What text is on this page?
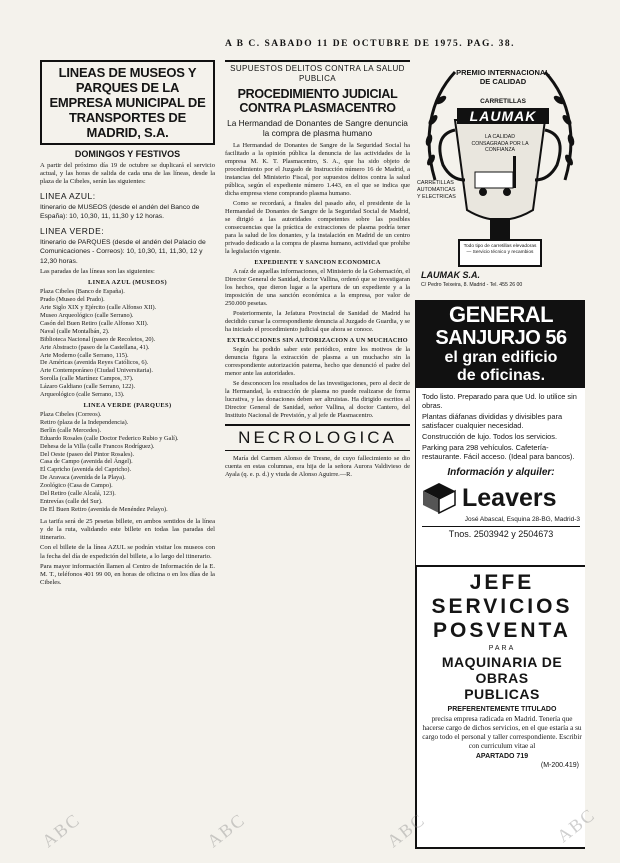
A B C. SABADO 11 DE OCTUBRE DE 1975. PAG. 38.
LINEAS DE MUSEOS Y PARQUES DE LA EMPRESA MUNICIPAL DE TRANSPORTES DE MADRID, S.A.
DOMINGOS Y FESTIVOS

A partir del próximo día 19 de octubre se duplicará el servicio actual, y las horas de salida de cada una de las líneas, desde la plaza de la Cibeles, serán las siguientes:

LINEA AZUL:

Itinerario de MUSEOS (desde el andén del Banco de España): 10, 10,30, 11, 11,30 y 12 horas.

LINEA VERDE:

Itinerario de PARQUES (desde el andén del Palacio de Comunicaciones - Correos): 10, 10,30, 11, 11,30, 12 y 12,30 horas.

Las paradas de las líneas son las siguientes:

LINEA AZUL (MUSEOS)

Plaza Cibeles (Banco de España).

Prado (Museo del Prado).

Arte Siglo XIX y Ejército (calle Alfonso XII).

Museo Arqueológico (calle Serrano).

Casón del Buen Retiro (calle Alfonso XII).

Naval (calle Montalbán, 2).

Biblioteca Nacional (paseo de Recoletos, 20).

Arte Abstracto (paseo de la Castellana, 41).

Arte Moderno (calle Serrano, 115).

De Américas (avenida Reyes Católicos, 6).

Arte Contemporáneo (Ciudad Universitaria).

Sorolla (calle Martínez Campos, 37).

Lázaro Galdiano (calle Serrano, 122).

Arqueológico (calle Serrano, 13).

LINEA VERDE (PARQUES)

Plaza Cibeles (Correos).

Retiro (plaza de la Independencia).

Berlín (calle Mercedes).

Eduardo Rosales (calle Doctor Federico Rubio y Galí).

Dehesa de la Villa (calle Francos Rodríguez).

Del Oeste (paseo del Pintor Rosales).

Casa de Campo (avenida del Ángel).

El Capricho (avenida del Capricho).

De Aravaca (avenida de la Playa).

Zoológico (Casa de Campo).

Del Retiro (calle Alcalá, 123).

Entrevías (calle del Sur).

De El Buen Retiro (avenida de Menéndez Pelayo).

La tarifa será de 25 pesetas billete, en ambos sentidos de la línea y de la ruta, validando este billete en todas las paradas del itinerario.

Con el billete de la línea AZUL se podrán visitar los museos con la fecha del día de expedición del billete, a lo largo del itinerario.

Para mayor información llamen al Centro de Información de la E. M. T., teléfonos 401 99 00, en horas de oficina o en los días de la Cibeles.

SUPUESTOS DELITOS CONTRA LA SALUD PUBLICA

PROCEDIMIENTO JUDICIAL CONTRA PLASMACENTRO
La Hermandad de Donantes de Sangre denuncia la compra de plasma humano

La Hermandad de Donantes de Sangre de la Seguridad Social ha facilitado a la opinión pública la denuncia de las actividades de la empresa M. K. T. Plasmacentro, S. A., que ha sido objeto de procedimiento por el Juzgado de Instrucción número 16 de Madrid, a instancias del Ministerio Fiscal, por supuestos delitos contra la salud pública, según el expediente número 1.443, en el que se indica que dicha empresa viene comprando plasma humano.

Como se recordará, a finales del pasado año, el presidente de la Hermandad de Donantes de Sangre de la Seguridad Social de Madrid, se dirigió a las autoridades competentes sobre las posibles consecuencias que la práctica de extracciones de plasma podría tener para la salud de los donantes, y la instalación en Madrid de un centro privado dedicado a la compra de plasma humano, actividad que prohíbe la legislación vigente.

EXPEDIENTE Y SANCION ECONOMICA

A raíz de aquellas informaciones, el Ministerio de la Gobernación, el Director General de Sanidad, doctor Vallina, ordenó que se investigaran los hechos, que dieron lugar a la apertura de un expediente y a la imposición de una sanción económica a la empresa, por valor de 250.000 pesetas.

Posteriormente, la Jefatura Provincial de Sanidad de Madrid ha decidido cursar la correspondiente denuncia al Juzgado de Guardia, y se ha iniciado el procedimiento judicial que ahora se conoce.

EXTRACCIONES SIN AUTORIZACION A UN MUCHACHO

Según ha podido saber este periódico, entre los motivos de la denuncia figura la extracción de plasma a un muchacho sin la correspondiente autorización paterna, hecho que denunció el padre del menor ante las autoridades.

Se desconocen los resultados de las investigaciones, pero al decir de la Hermandad, la extracción de plasma no puede realizarse de forma lucrativa, y las donaciones deben ser altruistas. Ha dirigido escritos al Director General de Sanidad, señor Vallina, al doctor Cantero, del Instituto Nacional de Previsión, y al jefe de Plasmacentro.

NECROLOGICA

María del Carmen Alonso de Tresne, de cuyo fallecimiento se dio cuenta en estas columnas, era hija de la señora Aurora Valdivieso de Ayala (q. e. p. d.) y viuda de Alonso Aguirre.—R.

PREMIO INTERNACIONAL DE CALIDAD
CARRETILLAS
LAUMAK
LA CALIDAD CONSAGRADA POR LA CONFIANZA
CARRETILLAS AUTOMATICAS Y ELECTRICAS
Todo tipo de carretillas elevadoras — Servicio técnico y recambios
LAUMAK S.A.
C/ Pedro Teixeira, 8. Madrid - Tel. 455 26 00
GENERAL
SANJURJO 56
el gran edificio
de oficinas.

Todo listo. Preparado para que Ud. lo utilice sin obras.

Plantas diáfanas divididas y divisibles para satisfacer cualquier necesidad.

Construcción de lujo. Todos los servicios.

Parking para 298 vehículos. Cafetería-restaurante. Fácil acceso. (Ideal para bancos).

Información y alquiler:
Leavers
José Abascal, Esquina 28-BG, Madrid-3
Tnos. 2503942 y 2504673
JEFE
SERVICIOS
POSVENTA
PARA
MAQUINARIA DE OBRAS
PUBLICAS
PREFERENTEMENTE TITULADO

precisa empresa radicada en Madrid. Tenería que hacerse cargo de dichos servicios, en el que estaría a su cargo todo el personal y taller correspondiente. Escribir con curriculum vitae al

APARTADO 719
(M-200.419)
ABC	ABC	ABC	ABC
